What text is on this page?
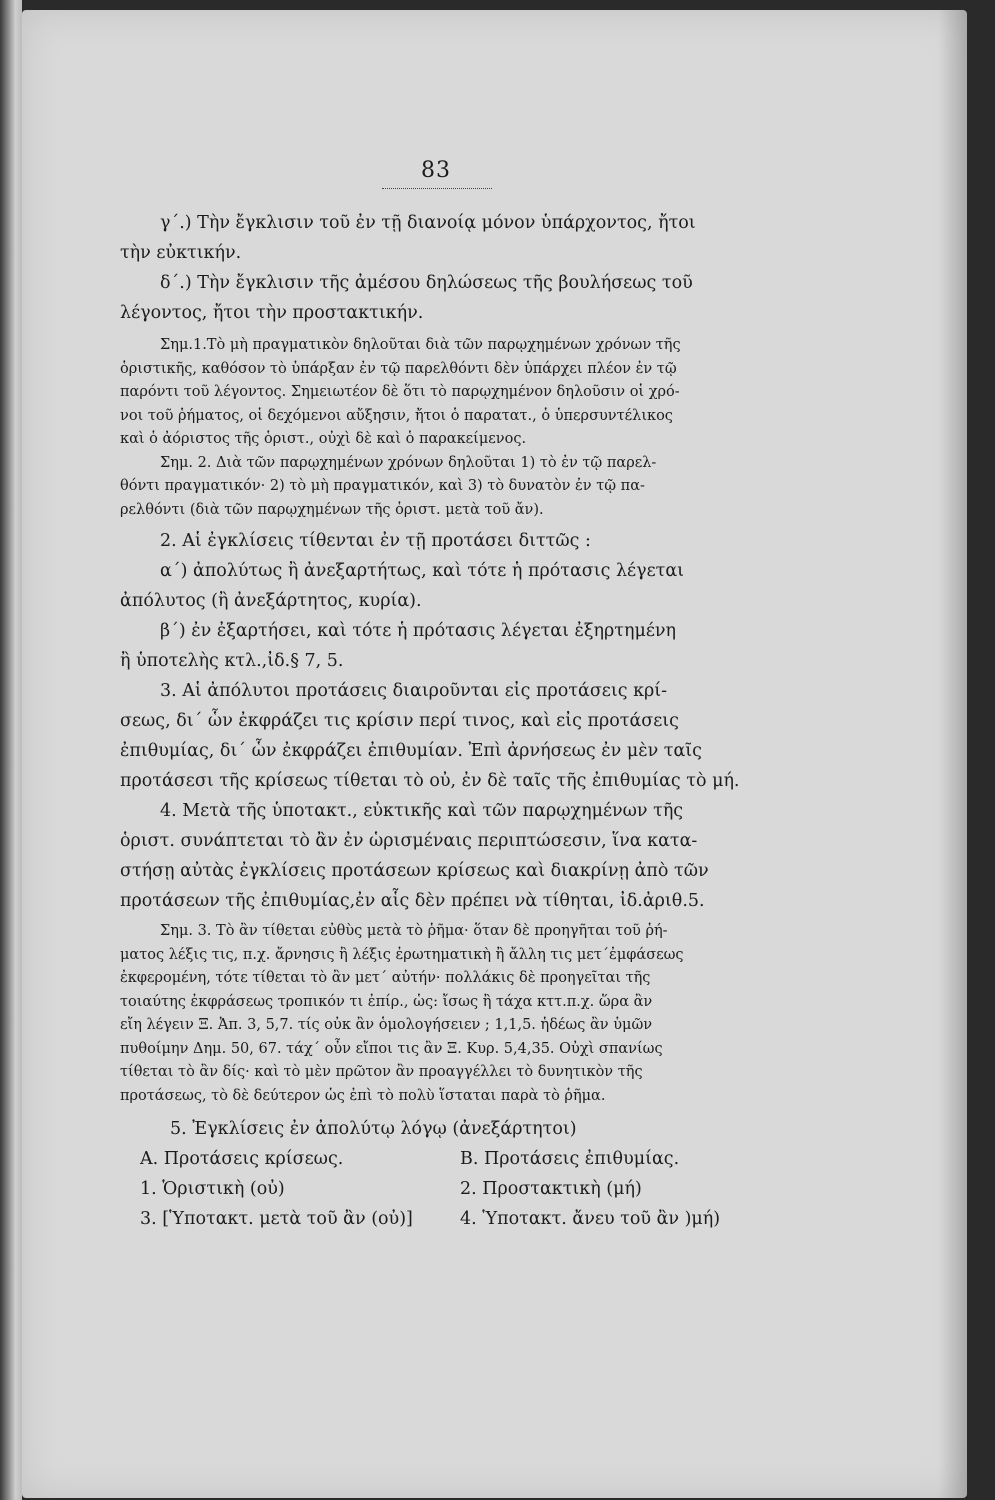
83
γ΄.) Τὴν ἔγκλισιν τοῦ ἐν τῇ διανοίᾳ μόνον ὑπάρχοντος, ἤτοι
τὴν εὐκτικήν.
δ΄.) Τὴν ἔγκλισιν τῆς ἀμέσου δηλώσεως τῆς βουλήσεως τοῦ
λέγοντος, ἤτοι τὴν προστακτικήν.
Σημ.1.Τὸ μὴ πραγματικὸν δηλοῦται διὰ τῶν παρῳχημένων χρόνων τῆς
ὁριστικῆς, καθόσον τὸ ὑπάρξαν ἐν τῷ παρελθόντι δὲν ὑπάρχει πλέον ἐν τῷ
παρόντι τοῦ λέγοντος. Σημειωτέον δὲ ὅτι τὸ παρῳχημένον δηλοῦσιν οἱ χρό-
νοι τοῦ ῥήματος, οἱ δεχόμενοι αὔξησιν, ἤτοι ὁ παρατατ., ὁ ὑπερσυντέλικος
καὶ ὁ ἀόριστος τῆς ὁριστ., οὐχὶ δὲ καὶ ὁ παρακείμενος.
Σημ. 2. Διὰ τῶν παρῳχημένων χρόνων δηλοῦται 1) τὸ ἐν τῷ παρελ-
θόντι πραγματικόν· 2) τὸ μὴ πραγματικόν, καὶ 3) τὸ δυνατὸν ἐν τῷ πα-
ρελθόντι (διὰ τῶν παρῳχημένων τῆς ὁριστ. μετὰ τοῦ ἄν).
2. Αἱ ἐγκλίσεις τίθενται ἐν τῇ προτάσει διττῶς :
α΄) ἀπολύτως ἢ ἀνεξαρτήτως, καὶ τότε ἡ πρότασις λέγεται
ἀπόλυτος (ἢ ἀνεξάρτητος, κυρία).
β΄) ἐν ἐξαρτήσει, καὶ τότε ἡ πρότασις λέγεται ἐξηρτημένη
ἢ ὑποτελὴς κτλ.,ἰδ.§ 7, 5.
3. Αἱ ἀπόλυτοι προτάσεις διαιροῦνται εἰς προτάσεις κρί-
σεως, δι΄ ὧν ἐκφράζει τις κρίσιν περί τινος, καὶ εἰς προτάσεις
ἐπιθυμίας, δι΄ ὧν ἐκφράζει ἐπιθυμίαν. Ἐπὶ ἀρνήσεως ἐν μὲν ταῖς
προτάσεσι τῆς κρίσεως τίθεται τὸ οὐ, ἐν δὲ ταῖς τῆς ἐπιθυμίας τὸ μή.
4. Μετὰ τῆς ὑποτακτ., εὐκτικῆς καὶ τῶν παρῳχημένων τῆς
ὁριστ. συνάπτεται τὸ ἂν ἐν ὡρισμέναις περιπτώσεσιν, ἵνα κατα-
στήσῃ αὐτὰς ἐγκλίσεις προτάσεων κρίσεως καὶ διακρίνῃ ἀπὸ τῶν
προτάσεων τῆς ἐπιθυμίας,ἐν αἷς δὲν πρέπει νὰ τίθηται, ἰδ.ἀριθ.5.
Σημ. 3. Τὸ ἂν τίθεται εὐθὺς μετὰ τὸ ῥῆμα· ὅταν δὲ προηγῆται τοῦ ῥή-
ματος λέξις τις, π.χ. ἄρνησις ἢ λέξις ἐρωτηματικὴ ἢ ἄλλη τις μετ΄ἐμφάσεως
ἐκφερομένη, τότε τίθεται τὸ ἂν μετ΄ αὐτήν· πολλάκις δὲ προηγεῖται τῆς
τοιαύτης ἐκφράσεως τροπικόν τι ἐπίρ., ὡς: ἴσως ἢ τάχα κττ.π.χ. ὥρα ἂν
εἴη λέγειν Ξ. Ἀπ. 3, 5,7. τίς οὐκ ἂν ὁμολογήσειεν ; 1,1,5. ἡδέως ἂν ὑμῶν
πυθοίμην Δημ. 50, 67. τάχ΄ οὖν εἴποι τις ἂν Ξ. Κυρ. 5,4,35. Οὐχὶ σπανίως
τίθεται τὸ ἂν δίς· καὶ τὸ μὲν πρῶτον ἂν προαγγέλλει τὸ δυνητικὸν τῆς
προτάσεως, τὸ δὲ δεύτερον ὡς ἐπὶ τὸ πολὺ ἵσταται παρὰ τὸ ῥῆμα.
5. Ἐγκλίσεις ἐν ἀπολύτῳ λόγῳ (ἀνεξάρτητοι)
Α. Προτάσεις κρίσεως.	Β. Προτάσεις ἐπιθυμίας.
1. Ὁριστικὴ (οὐ)	2. Προστακτικὴ (μή)
3. [Ὑποτακτ. μετὰ τοῦ ἂν (οὐ)]	4. Ὑποτακτ. ἄνευ τοῦ ἂν )μή)
